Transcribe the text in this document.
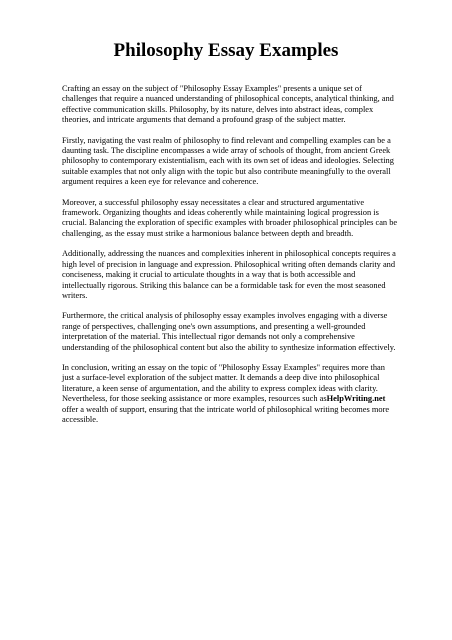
Philosophy Essay Examples

Crafting an essay on the subject of "Philosophy Essay Examples" presents a unique set of challenges that require a nuanced understanding of philosophical concepts, analytical thinking, and effective communication skills. Philosophy, by its nature, delves into abstract ideas, complex theories, and intricate arguments that demand a profound grasp of the subject matter.

Firstly, navigating the vast realm of philosophy to find relevant and compelling examples can be a daunting task. The discipline encompasses a wide array of schools of thought, from ancient Greek philosophy to contemporary existentialism, each with its own set of ideas and ideologies. Selecting suitable examples that not only align with the topic but also contribute meaningfully to the overall argument requires a keen eye for relevance and coherence.

Moreover, a successful philosophy essay necessitates a clear and structured argumentative framework. Organizing thoughts and ideas coherently while maintaining logical progression is crucial. Balancing the exploration of specific examples with broader philosophical principles can be challenging, as the essay must strike a harmonious balance between depth and breadth.

Additionally, addressing the nuances and complexities inherent in philosophical concepts requires a high level of precision in language and expression. Philosophical writing often demands clarity and conciseness, making it crucial to articulate thoughts in a way that is both accessible and intellectually rigorous. Striking this balance can be a formidable task for even the most seasoned writers.

Furthermore, the critical analysis of philosophy essay examples involves engaging with a diverse range of perspectives, challenging one's own assumptions, and presenting a well-grounded interpretation of the material. This intellectual rigor demands not only a comprehensive understanding of the philosophical content but also the ability to synthesize information effectively.

In conclusion, writing an essay on the topic of "Philosophy Essay Examples" requires more than just a surface-level exploration of the subject matter. It demands a deep dive into philosophical literature, a keen sense of argumentation, and the ability to express complex ideas with clarity. Nevertheless, for those seeking assistance or more examples, resources such asHelpWriting.net offer a wealth of support, ensuring that the intricate world of philosophical writing becomes more accessible.
